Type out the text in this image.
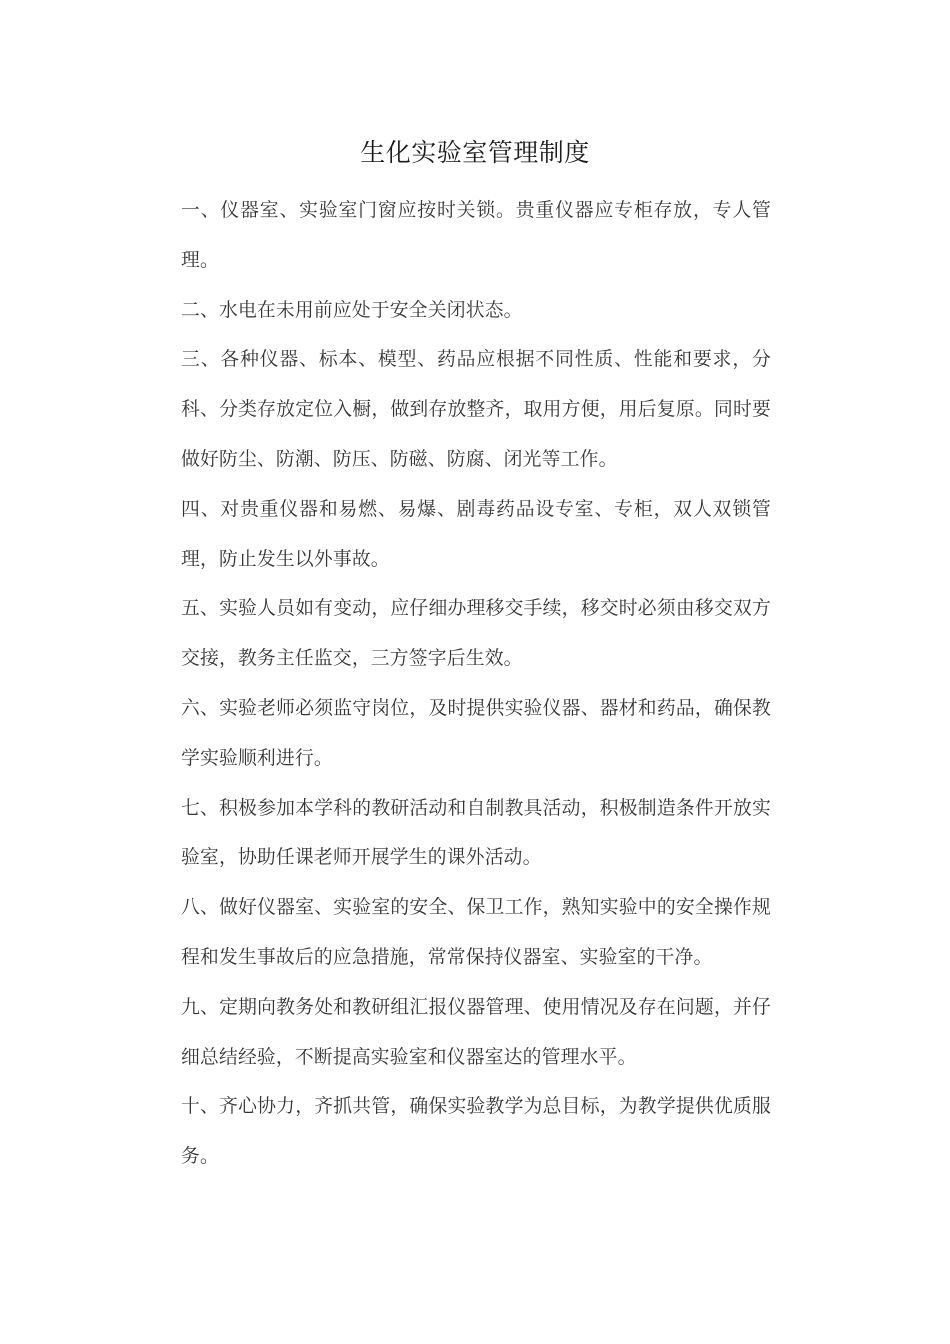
生化实验室管理制度

一、仪器室、实验室门窗应按时关锁。贵重仪器应专柜存放，专人管理。

二、水电在未用前应处于安全关闭状态。

三、各种仪器、标本、模型、药品应根据不同性质、性能和要求，分科、分类存放定位入橱，做到存放整齐，取用方便，用后复原。同时要做好防尘、防潮、防压、防磁、防腐、闭光等工作。

四、对贵重仪器和易燃、易爆、剧毒药品设专室、专柜，双人双锁管理，防止发生以外事故。

五、实验人员如有变动，应仔细办理移交手续，移交时必须由移交双方交接，教务主任监交，三方签字后生效。

六、实验老师必须监守岗位，及时提供实验仪器、器材和药品，确保教学实验顺利进行。

七、积极参加本学科的教研活动和自制教具活动，积极制造条件开放实验室，协助任课老师开展学生的课外活动。

八、做好仪器室、实验室的安全、保卫工作，熟知实验中的安全操作规程和发生事故后的应急措施，常常保持仪器室、实验室的干净。

九、定期向教务处和教研组汇报仪器管理、使用情况及存在问题，并仔细总结经验，不断提高实验室和仪器室达的管理水平。

十、齐心协力，齐抓共管，确保实验教学为总目标，为教学提供优质服务。
